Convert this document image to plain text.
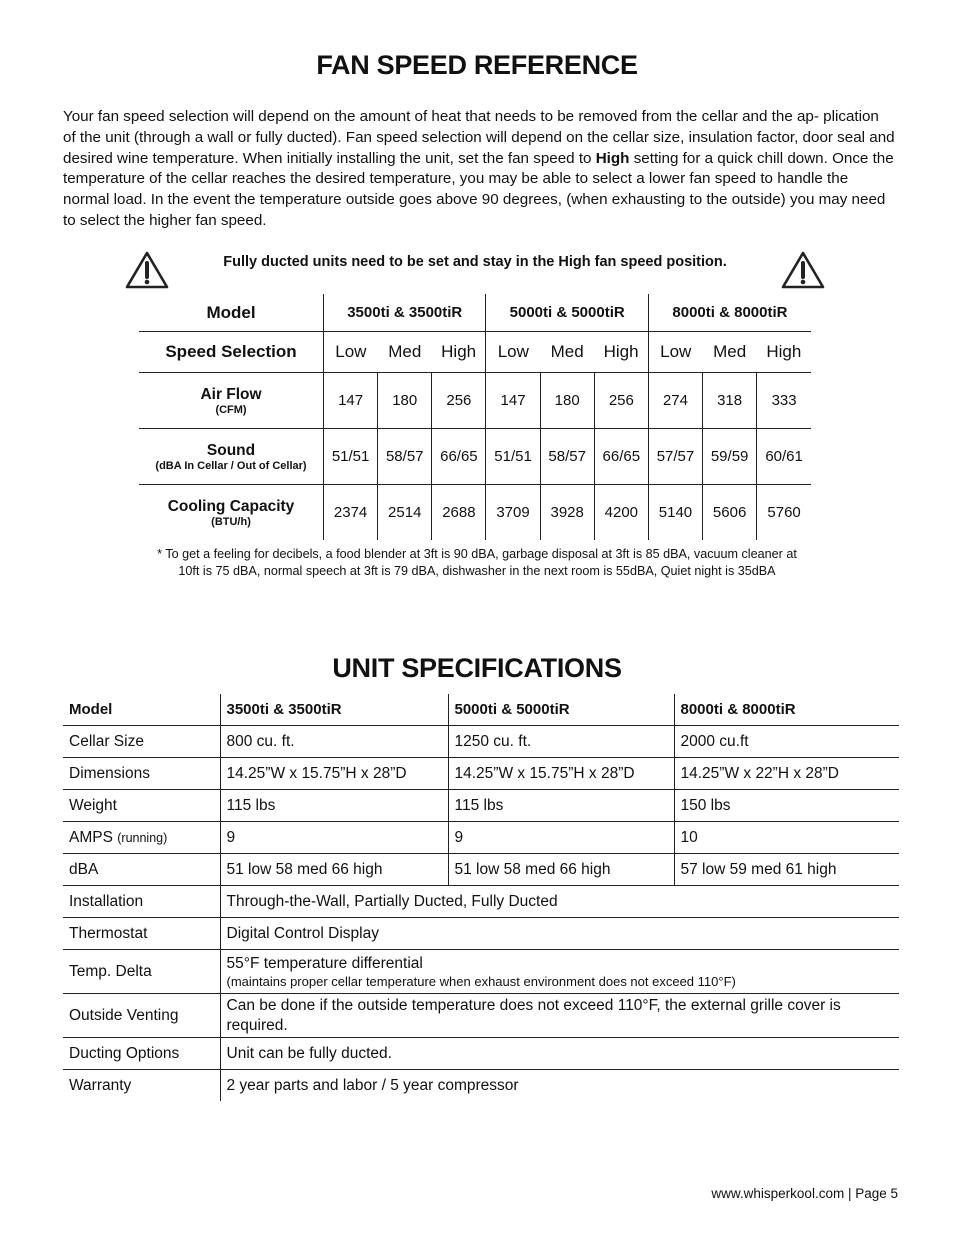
FAN SPEED REFERENCE

Your fan speed selection will depend on the amount of heat that needs to be removed from the cellar and the ap- plication of the unit (through a wall or fully ducted). Fan speed selection will depend on the cellar size, insulation factor, door seal and desired wine temperature. When initially installing the unit, set the fan speed to High setting for a quick chill down. Once the temperature of the cellar reaches the desired temperature, you may be able to select a lower fan speed to handle the normal load. In the event the temperature outside goes above 90 degrees, (when exhausting to the outside) you may need to select the higher fan speed.

Fully ducted units need to be set and stay in the High fan speed position.
Model	3500ti & 3500tiR			5000ti & 5000tiR			8000ti & 8000tiR		
Speed Selection	Low	Med	High	Low	Med	High	Low	Med	High
Air Flow
(CFM)	147	180	256	147	180	256	274	318	333
Sound
(dBA In Cellar / Out of Cellar)	51/51	58/57	66/65	51/51	58/57	66/65	57/57	59/59	60/61
Cooling Capacity
(BTU/h)	2374	2514	2688	3709	3928	4200	5140	5606	5760

* To get a feeling for decibels, a food blender at 3ft is 90 dBA, garbage disposal at 3ft is 85 dBA, vacuum cleaner at
10ft is 75 dBA, normal speech at 3ft is 79 dBA, dishwasher in the next room is 55dBA, Quiet night is 35dBA

UNIT SPECIFICATIONS
Model	3500ti & 3500tiR	5000ti & 5000tiR	8000ti & 8000tiR
Cellar Size	800 cu. ft.	1250 cu. ft.	2000 cu.ft
Dimensions	14.25”W x 15.75”H x 28”D	14.25”W x 15.75”H x 28”D	14.25”W x 22”H x 28”D
Weight	115 lbs	115 lbs	150 lbs
AMPS (running)	9	9	10
dBA	51 low 58 med 66 high	51 low 58 med 66 high	57 low 59 med 61 high
Installation	Through-the-Wall, Partially Ducted, Fully Ducted		
Thermostat	Digital Control Display		
Temp. Delta	55°F temperature differential
(maintains proper cellar temperature when exhaust environment does not exceed 110°F)		

Outside Venting	Can be done if the outside temperature does not exceed 110°F, the external grille cover is required.		
Ducting Options	Unit can be fully ducted.		
Warranty	2 year parts and labor / 5 year compressor		
www.whisperkool.com | Page 5
